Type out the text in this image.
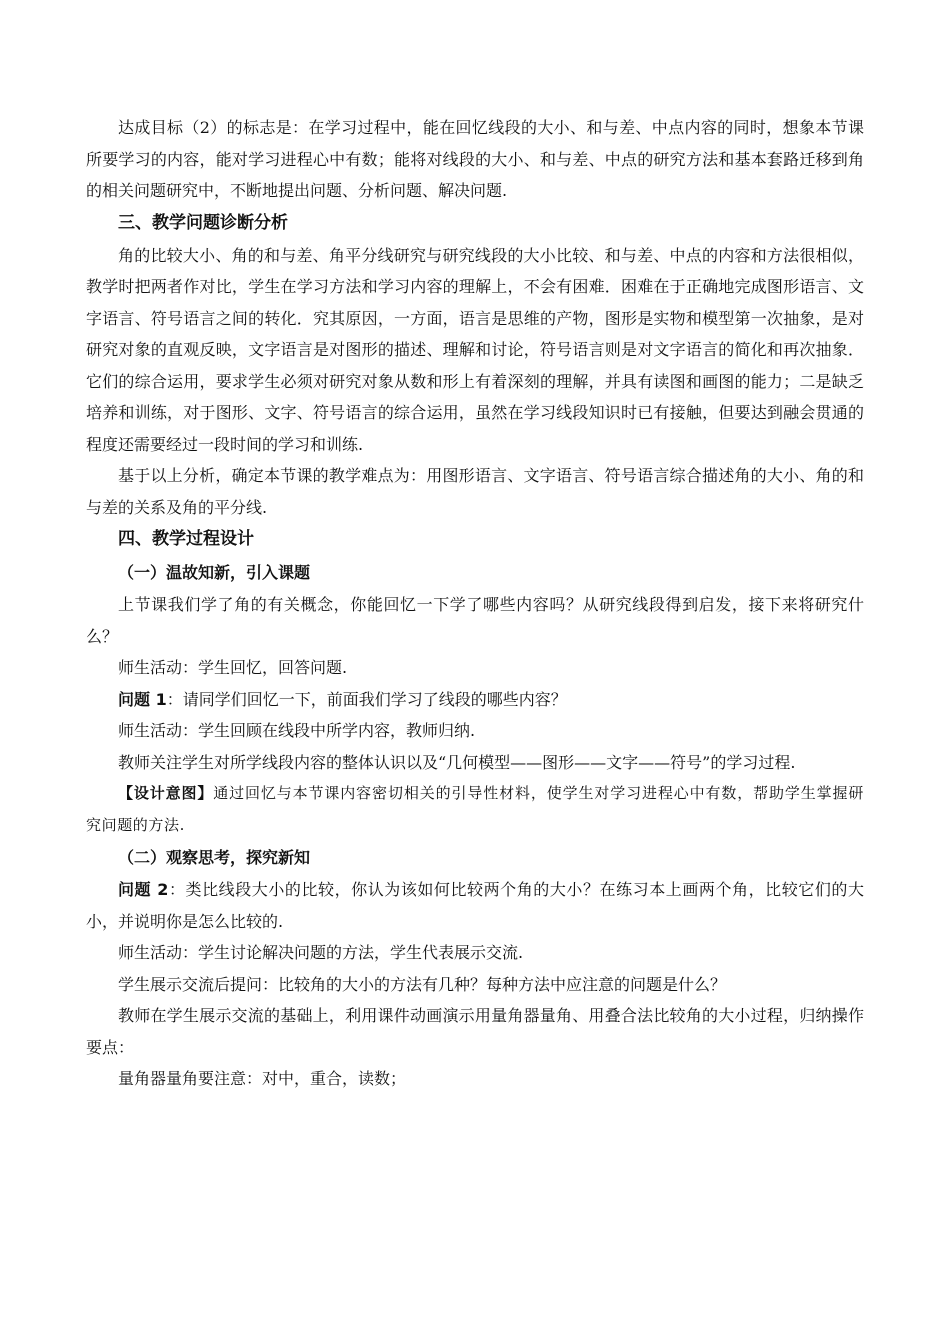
达成目标（2）的标志是：在学习过程中，能在回忆线段的大小、和与差、中点内容的同时，想象本节课所要学习的内容，能对学习进程心中有数；能将对线段的大小、和与差、中点的研究方法和基本套路迁移到角的相关问题研究中，不断地提出问题、分析问题、解决问题.

三、教学问题诊断分析

角的比较大小、角的和与差、角平分线研究与研究线段的大小比较、和与差、中点的内容和方法很相似，教学时把两者作对比，学生在学习方法和学习内容的理解上，不会有困难．困难在于正确地完成图形语言、文字语言、符号语言之间的转化．究其原因，一方面，语言是思维的产物，图形是实物和模型第一次抽象，是对研究对象的直观反映，文字语言是对图形的描述、理解和讨论，符号语言则是对文字语言的简化和再次抽象．它们的综合运用，要求学生必须对研究对象从数和形上有着深刻的理解，并具有读图和画图的能力；二是缺乏培养和训练，对于图形、文字、符号语言的综合运用，虽然在学习线段知识时已有接触，但要达到融会贯通的程度还需要经过一段时间的学习和训练.

基于以上分析，确定本节课的教学难点为：用图形语言、文字语言、符号语言综合描述角的大小、角的和与差的关系及角的平分线.

四、教学过程设计

（一）温故知新，引入课题

上节课我们学了角的有关概念，你能回忆一下学了哪些内容吗？从研究线段得到启发，接下来将研究什么？

师生活动：学生回忆，回答问题.

问题 1：请同学们回忆一下，前面我们学习了线段的哪些内容？

师生活动：学生回顾在线段中所学内容，教师归纳.

教师关注学生对所学线段内容的整体认识以及“几何模型——图形——文字——符号”的学习过程.

【设计意图】通过回忆与本节课内容密切相关的引导性材料，使学生对学习进程心中有数，帮助学生掌握研究问题的方法.

（二）观察思考，探究新知

问题 2：类比线段大小的比较，你认为该如何比较两个角的大小？在练习本上画两个角，比较它们的大小，并说明你是怎么比较的.

师生活动：学生讨论解决问题的方法，学生代表展示交流.

学生展示交流后提问：比较角的大小的方法有几种？每种方法中应注意的问题是什么？

教师在学生展示交流的基础上，利用课件动画演示用量角器量角、用叠合法比较角的大小过程，归纳操作要点：

量角器量角要注意：对中，重合，读数；
